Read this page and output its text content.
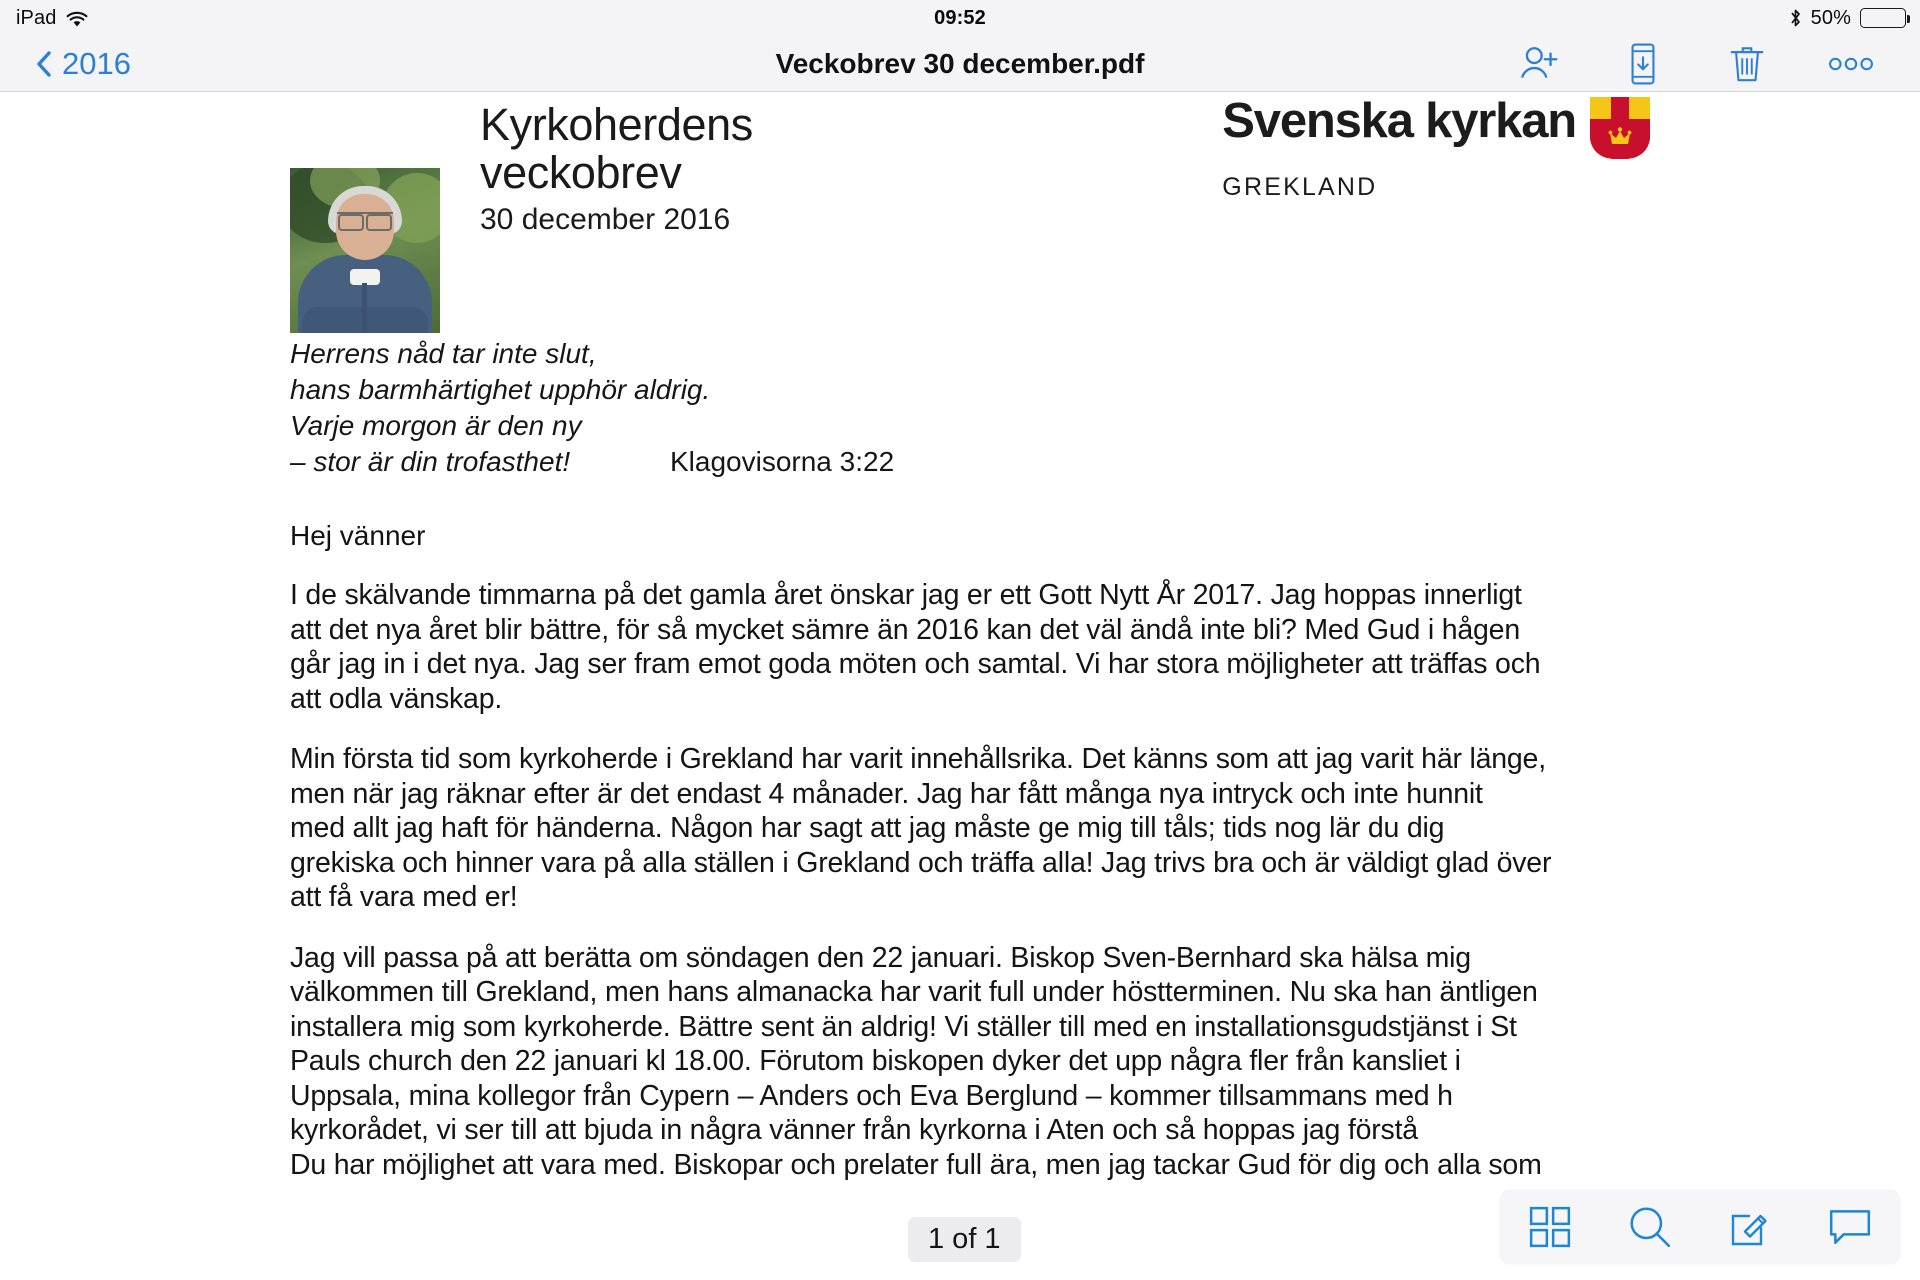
iPad	09:52	50%
2016	Veckobrev 30 december.pdf
Kyrkoherdens
veckobrev
30 december 2016
Svenska kyrkan
GREKLAND
Herrens nåd tar inte slut,
hans barmhärtighet upphör aldrig.
Varje morgon är den ny
– stor är din trofasthet!	Klagovisorna 3:22
Hej vänner

I de skälvande timmarna på det gamla året önskar jag er ett Gott Nytt År 2017. Jag hoppas innerligt
att det nya året blir bättre, för så mycket sämre än 2016 kan det väl ändå inte bli? Med Gud i hågen
går jag in i det nya. Jag ser fram emot goda möten och samtal. Vi har stora möjligheter att träffas och
att odla vänskap.

Min första tid som kyrkoherde i Grekland har varit innehållsrika. Det känns som att jag varit här länge,
men när jag räknar efter är det endast 4 månader. Jag har fått många nya intryck och inte hunnit
med allt jag haft för händerna. Någon har sagt att jag måste ge mig till tåls; tids nog lär du dig
grekiska och hinner vara på alla ställen i Grekland och träffa alla! Jag trivs bra och är väldigt glad över
att få vara med er!

Jag vill passa på att berätta om söndagen den 22 januari. Biskop Sven-Bernhard ska hälsa mig
välkommen till Grekland, men hans almanacka har varit full under höstterminen. Nu ska han äntligen
installera mig som kyrkoherde. Bättre sent än aldrig! Vi ställer till med en installationsgudstjänst i St
Pauls church den 22 januari kl 18.00. Förutom biskopen dyker det upp några fler från kansliet i
Uppsala, mina kollegor från Cypern – Anders och Eva Berglund – kommer tillsammans med h
kyrkorådet, vi ser till att bjuda in några vänner från kyrkorna i Aten och så hoppas jag förstå
Du har möjlighet att vara med. Biskopar och prelater full ära, men jag tackar Gud för dig och alla som

1 of 1
